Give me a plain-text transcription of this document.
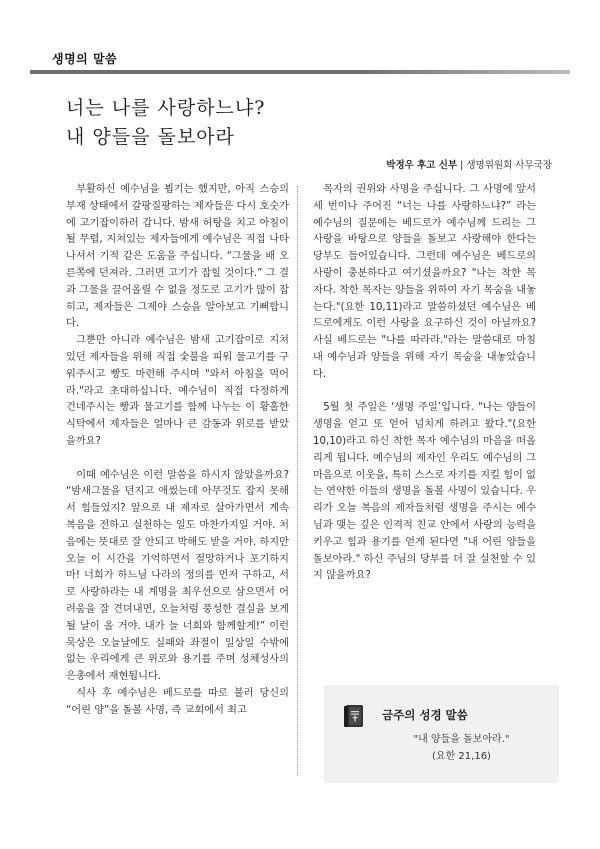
생명의 말씀
너는 나를 사랑하느냐?
내 양들을 돌보아라
박정우 후고 신부 | 생명위원회 사무국장

부활하신 예수님을 뵙기는 했지만, 아직 스승의 부재 상태에서 갈팡질팡하는 제자들은 다시 호숫가에 고기잡이하러 갑니다. 밤새 허탕을 치고 아침이 될 무렵, 지쳐있는 제자들에게 예수님은 직접 나타나셔서 기적 같은 도움을 주십니다. “그물을 배 오른쪽에 던져라. 그러면 고기가 잡힐 것이다.” 그 결과 그물을 끌어올릴 수 없을 정도로 고기가 많이 잡히고, 제자들은 그제야 스승을 알아보고 기뻐합니다.

그뿐만 아니라 예수님은 밤새 고기잡이로 지쳐있던 제자들을 위해 직접 숯불을 피워 물고기를 구워주시고 빵도 마련해 주시며 "와서 아침을 먹어라."라고 초대하십니다. 예수님이 직접 다정하게 건네주시는 빵과 물고기를 함께 나누는 이 황홀한 식탁에서 제자들은 얼마나 큰 감동과 위로를 받았을까요?

이때 예수님은 이런 말씀을 하시지 않았을까요? “밤새그물을 던지고 애썼는데 아무것도 잡지 못해서 힘들었지? 앞으로 내 제자로 살아가면서 계속 복음을 전하고 실천하는 일도 마찬가지일 거야. 처음에는 뜻대로 잘 안되고 박해도 받을 거야. 하지만 오늘 이 시간을 기억하면서 절망하거나 포기하지 마! 너희가 하느님 나라의 정의를 먼저 구하고, 서로 사랑하라는 내 계명을 최우선으로 삼으면서 어려움을 잘 견뎌내면, 오늘처럼 풍성한 결실을 보게 될 날이 올 거야. 내가 늘 너희와 함께할게!” 이런 묵상은 오늘날에도 실패와 좌절이 일상일 수밖에 없는 우리에게 큰 위로와 용기를 주며 성체성사의 은총에서 재현됩니다.

식사 후 예수님은 베드로를 따로 불러 당신의 “어린 양”을 돌볼 사명, 즉 교회에서 최고

목자의 권위와 사명을 주십니다. 그 사명에 앞서 세 번이나 주어진 “너는 나를 사랑하느냐?” 라는 예수님의 질문에는 베드로가 예수님께 드리는 그 사랑을 바탕으로 양들을 돌보고 사랑해야 한다는 당부도 들어있습니다. 그런데 예수님은 베드로의 사랑이 충분하다고 여기셨을까요? "나는 착한 목자다. 착한 목자는 양들을 위하여 자기 목숨을 내놓는다."(요한 10,11)라고 말씀하셨던 예수님은 베드로에게도 이런 사랑을 요구하신 것이 아닐까요? 사실 베드로는 "나를 따라라."라는 말씀대로 마침내 예수님과 양들을 위해 자기 목숨을 내놓았습니다.

5월 첫 주일은 ‘생명 주일’입니다. "나는 양들이 생명을 얻고 또 얻어 넘치게 하려고 왔다."(요한 10,10)라고 하신 착한 목자 예수님의 마음을 떠올리게 됩니다. 예수님의 제자인 우리도 예수님의 그 마음으로 이웃을, 특히 스스로 자기를 지킬 힘이 없는 연약한 이들의 생명을 돌볼 사명이 있습니다. 우리가 오늘 복음의 제자들처럼 생명을 주시는 예수님과 맺는 깊은 인격적 친교 안에서 사랑의 능력을 키우고 힘과 용기를 얻게 된다면 "내 어린 양들을 돌보아라." 하신 주님의 당부를 더 잘 실천할 수 있지 않을까요?

금주의 성경 말씀
"내 양들을 돌보아라."
(요한 21,16)
